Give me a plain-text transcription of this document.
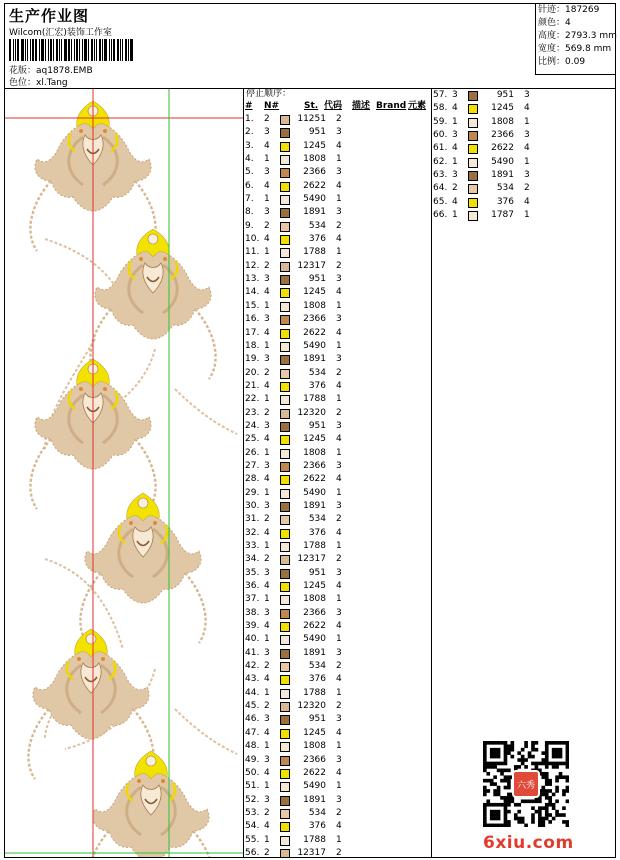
生产作业图
Wilcom(汇宏)装饰工作室
花版：aq1878.EMB
色位：xl.Tang
针迹：187269
颜色：4
高度：2793.3 mm
宽度：569.8 mm
比例：0.09
停止顺序：
# N#	St. 代码 描述 Brand 元素
1.	2	11251 2
2.	3	951 3
3.	4	1245 4
4.	1	1808 1
5.	3	2366 3
6.	4	2622 4
7.	1	5490 1
8.	3	1891 3
9.	2	534 2
10. 4	376 4
11. 1	1788 1
12. 2	12317 2
13. 3	951 3
14. 4	1245 4
15. 1	1808 1
16. 3	2366 3
17. 4	2622 4
18. 1	5490 1
19. 3	1891 3
20. 2	534 2
21. 4	376 4
22. 1	1788 1
23. 2	12320 2
24. 3	951 3
25. 4	1245 4
26. 1	1808 1
27. 3	2366 3
28. 4	2622 4
29. 1	5490 1
30. 3	1891 3
31. 2	534 2
32. 4	376 4
33. 1	1788 1
34. 2	12317 2
35. 3	951 3
36. 4	1245 4
37. 1	1808 1
38. 3	2366 3
39. 4	2622 4
40. 1	5490 1
41. 3	1891 3
42. 2	534 2
43. 4	376 4
44. 1	1788 1
45. 2	12320 2
46. 3	951 3
47. 4	1245 4
48. 1	1808 1
49. 3	2366 3
50. 4	2622 4
51. 1	5490 1
52. 3	1891 3
53. 2	534 2
54. 4	376 4
55. 1	1788 1
56. 2	12317 2
57. 3	951 3
58. 4	1245 4
59. 1	1808 1
60. 3	2366 3
61. 4	2622 4
62. 1	5490 1
63. 3	1891 3
64. 2	534 2
65. 4	376 4
66. 1	1787 1
六秀
6xiu.com
